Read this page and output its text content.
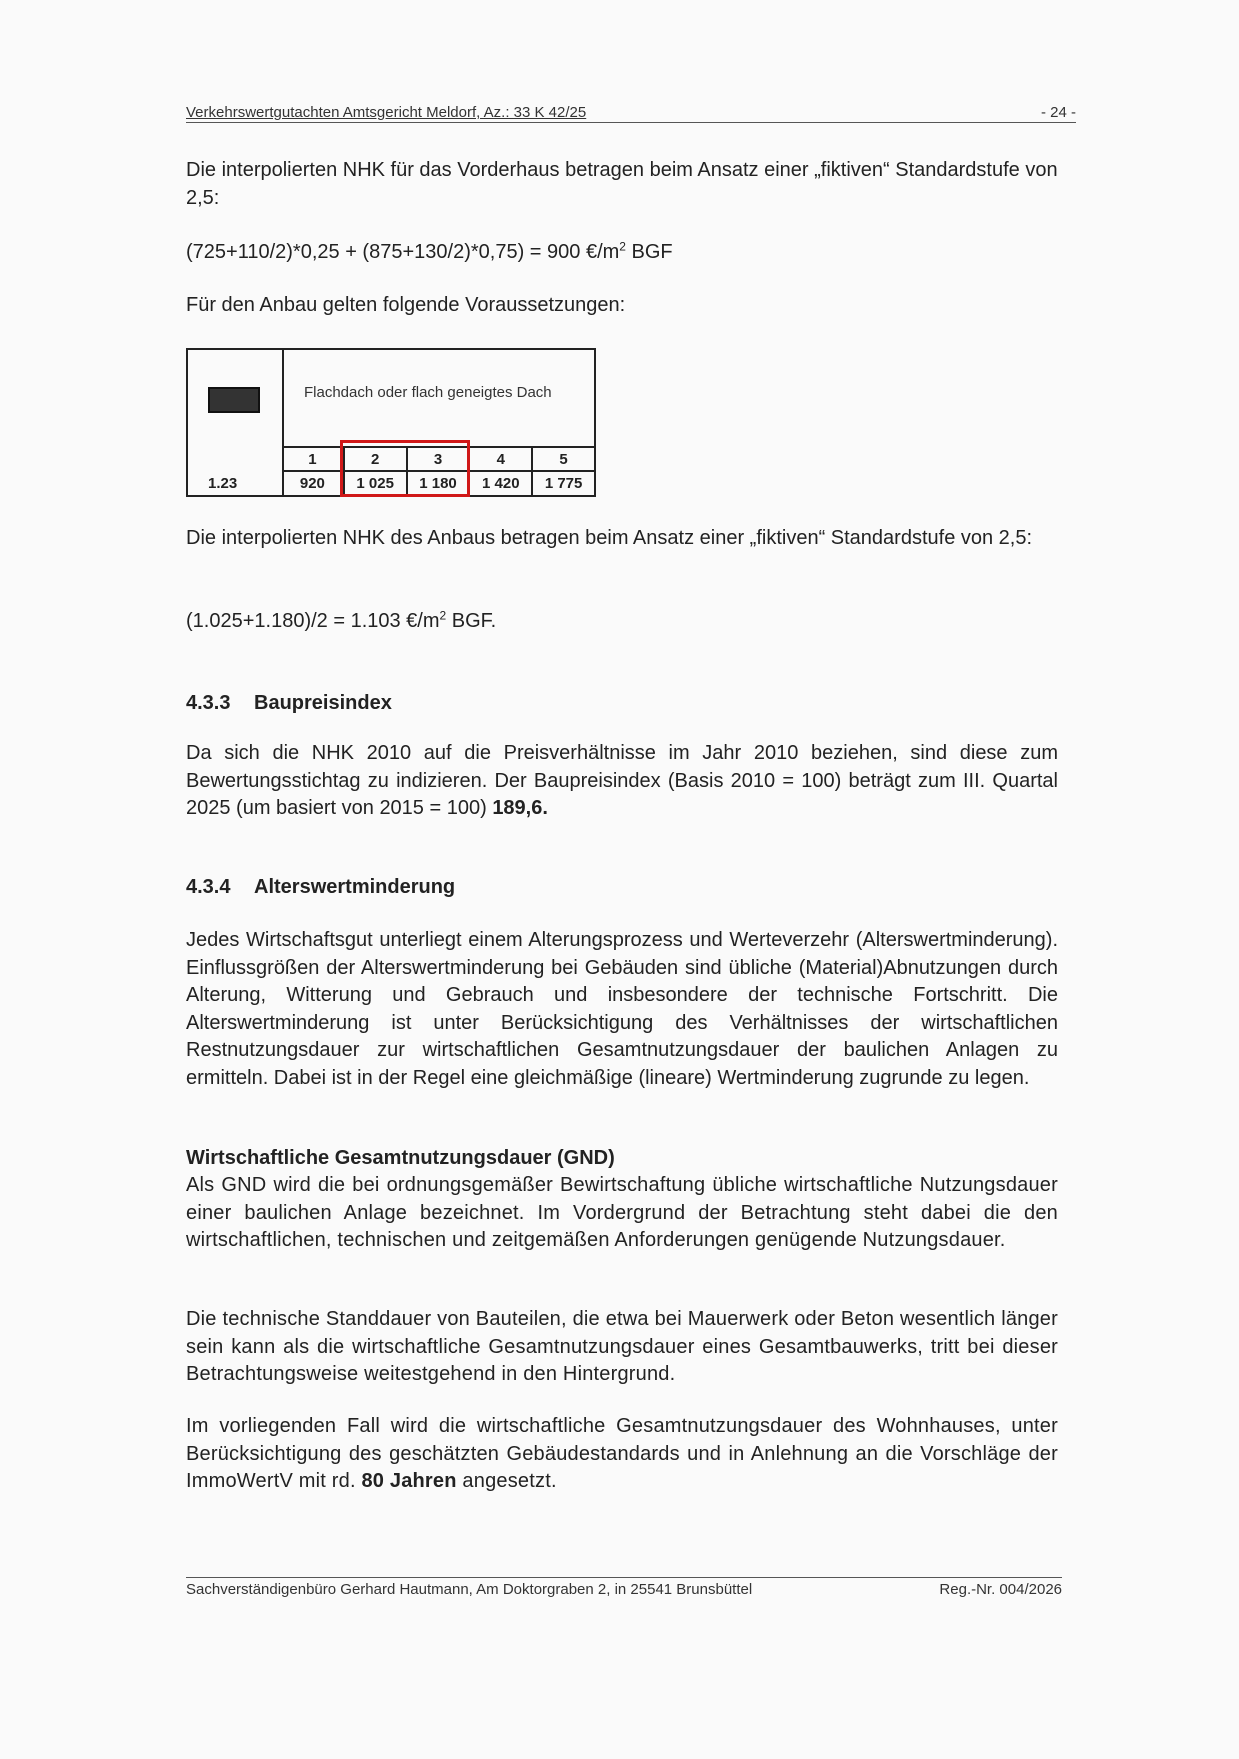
Verkehrswertgutachten Amtsgericht Meldorf, Az.: 33 K 42/25	- 24 -

Die interpolierten NHK für das Vorderhaus betragen beim Ansatz einer „fiktiven“ Standardstufe von 2,5:

(725+110/2)*0,25 + (875+130/2)*0,75) = 900 $€/m^2$ BGF

Für den Anbau gelten folgende Voraussetzungen:

Flachdach oder flach geneigtes Dach
1.23
1	2	3	4	5
920	1 025	1 180	1 420	1 775

Die interpolierten NHK des Anbaus betragen beim Ansatz einer „fiktiven“ Standardstufe von 2,5:

(1.025+1.180)/2 = 1.103 $€/m^2$ BGF.

4.3.3 Baupreisindex

Da sich die NHK 2010 auf die Preisverhältnisse im Jahr 2010 beziehen, sind diese zum Bewertungsstichtag zu indizieren. Der Baupreisindex (Basis 2010 = 100) beträgt zum III. Quartal 2025 (um basiert von 2015 = 100) 189,6.

4.3.4 Alterswertminderung

Jedes Wirtschaftsgut unterliegt einem Alterungsprozess und Werteverzehr (Alterswertminderung). Einflussgrößen der Alterswertminderung bei Gebäuden sind übliche (Material)Abnutzungen durch Alterung, Witterung und Gebrauch und insbesondere der technische Fortschritt. Die Alterswertminderung ist unter Berücksichtigung des Verhältnisses der wirtschaftlichen Restnutzungsdauer zur wirtschaftlichen Gesamtnutzungsdauer der baulichen Anlagen zu ermitteln. Dabei ist in der Regel eine gleichmäßige (lineare) Wertminderung zugrunde zu legen.

Wirtschaftliche Gesamtnutzungsdauer (GND)

Als GND wird die bei ordnungsgemäßer Bewirtschaftung übliche wirtschaftliche Nutzungsdauer einer baulichen Anlage bezeichnet. Im Vordergrund der Betrachtung steht dabei die den wirtschaftlichen, technischen und zeitgemäßen Anforderungen genügende Nutzungsdauer.

Die technische Standdauer von Bauteilen, die etwa bei Mauerwerk oder Beton wesentlich länger sein kann als die wirtschaftliche Gesamtnutzungsdauer eines Gesamtbauwerks, tritt bei dieser Betrachtungsweise weitestgehend in den Hintergrund.

Im vorliegenden Fall wird die wirtschaftliche Gesamtnutzungsdauer des Wohnhauses, unter Berücksichtigung des geschätzten Gebäudestandards und in Anlehnung an die Vorschläge der ImmoWertV mit rd. 80 Jahren angesetzt.

Sachverständigenbüro Gerhard Hautmann, Am Doktorgraben 2, in 25541 Brunsbüttel	Reg.-Nr. 004/2026
